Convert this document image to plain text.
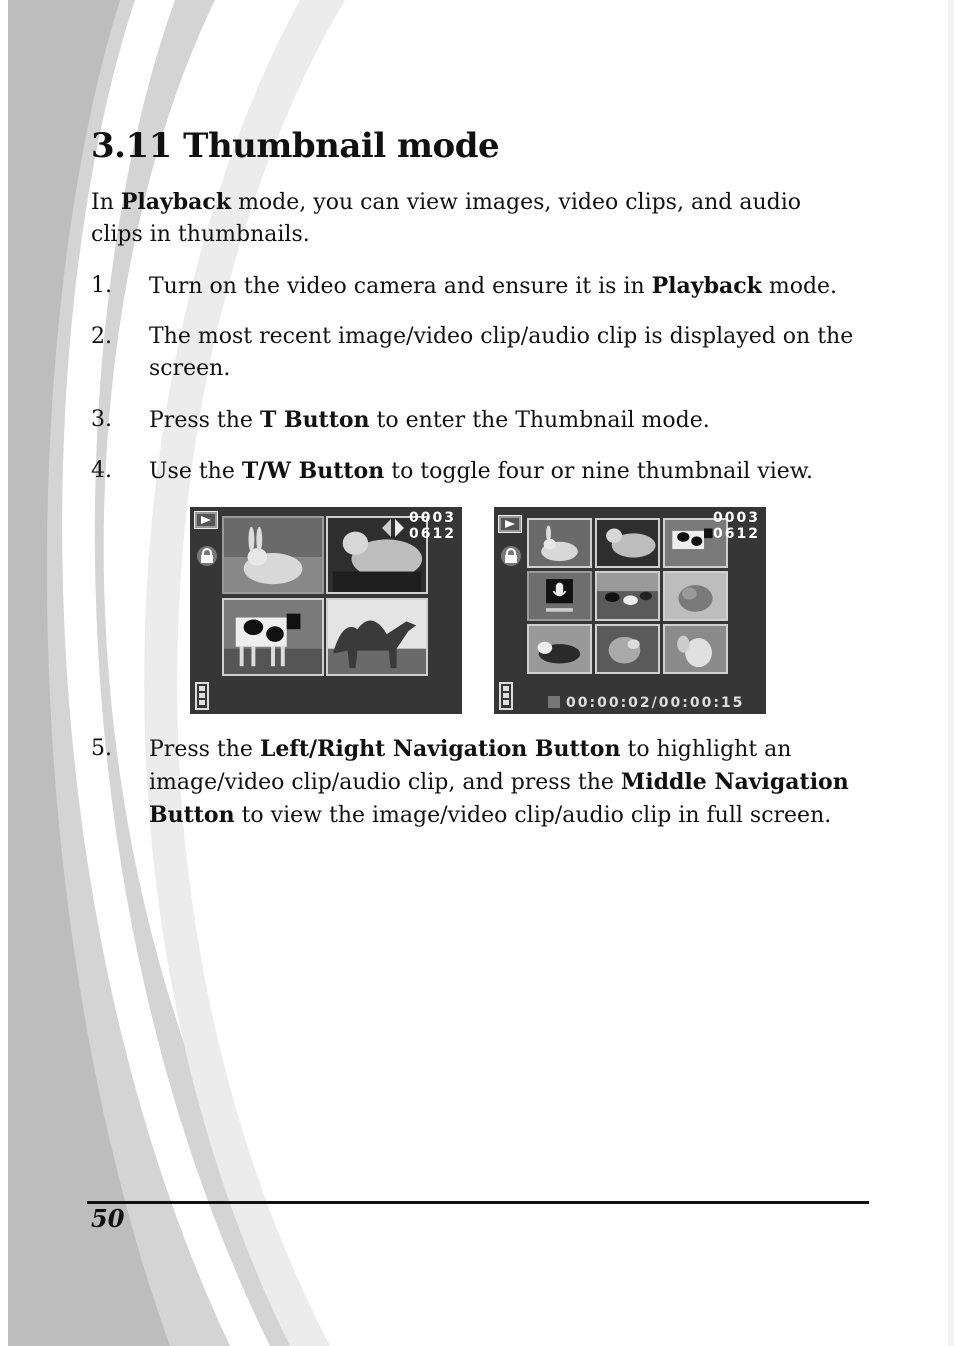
3.11 Thumbnail mode

In Playback mode, you can view images, video clips, and audio clips in thumbnails.

1. Turn on the video camera and ensure it is in Playback mode.
2. The most recent image/video clip/audio clip is displayed on the screen.
3. Press the T Button to enter the Thumbnail mode.
4. Use the T/W Button to toggle four or nine thumbnail view.
0003
0612
0003
0612
00:00:02/00:00:15
5. Press the Left/Right Navigation Button to highlight an image/video clip/audio clip, and press the Middle Navigation Button to view the image/video clip/audio clip in full screen.
50
